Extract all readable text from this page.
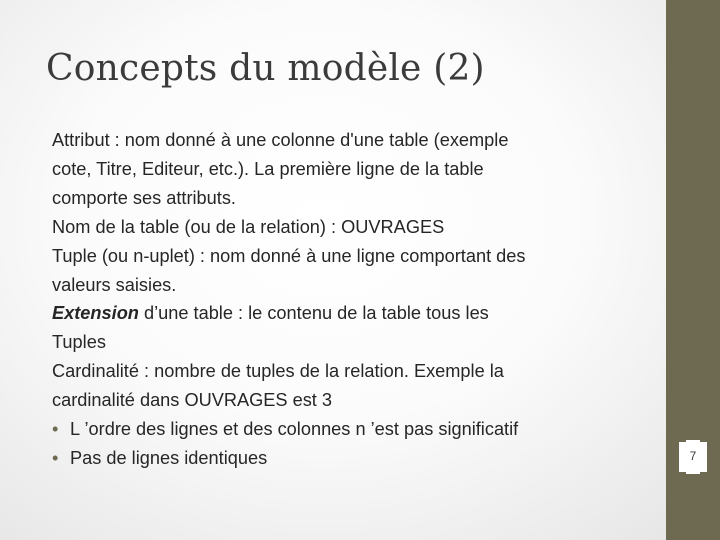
Concepts du modèle (2)
Attribut : nom donné à une colonne d'une table (exemple
cote, Titre, Editeur, etc.). La première ligne de la table
comporte ses attributs.
Nom de la table (ou de la relation) : OUVRAGES
Tuple (ou n-uplet) : nom donné à une ligne comportant des
valeurs saisies.
Extension d’une table : le contenu de la table tous les
Tuples
Cardinalité : nombre de tuples de la relation. Exemple la
cardinalité dans OUVRAGES est 3
• L ’ordre des lignes et des colonnes n ’est pas significatif
• Pas de lignes identiques	7
